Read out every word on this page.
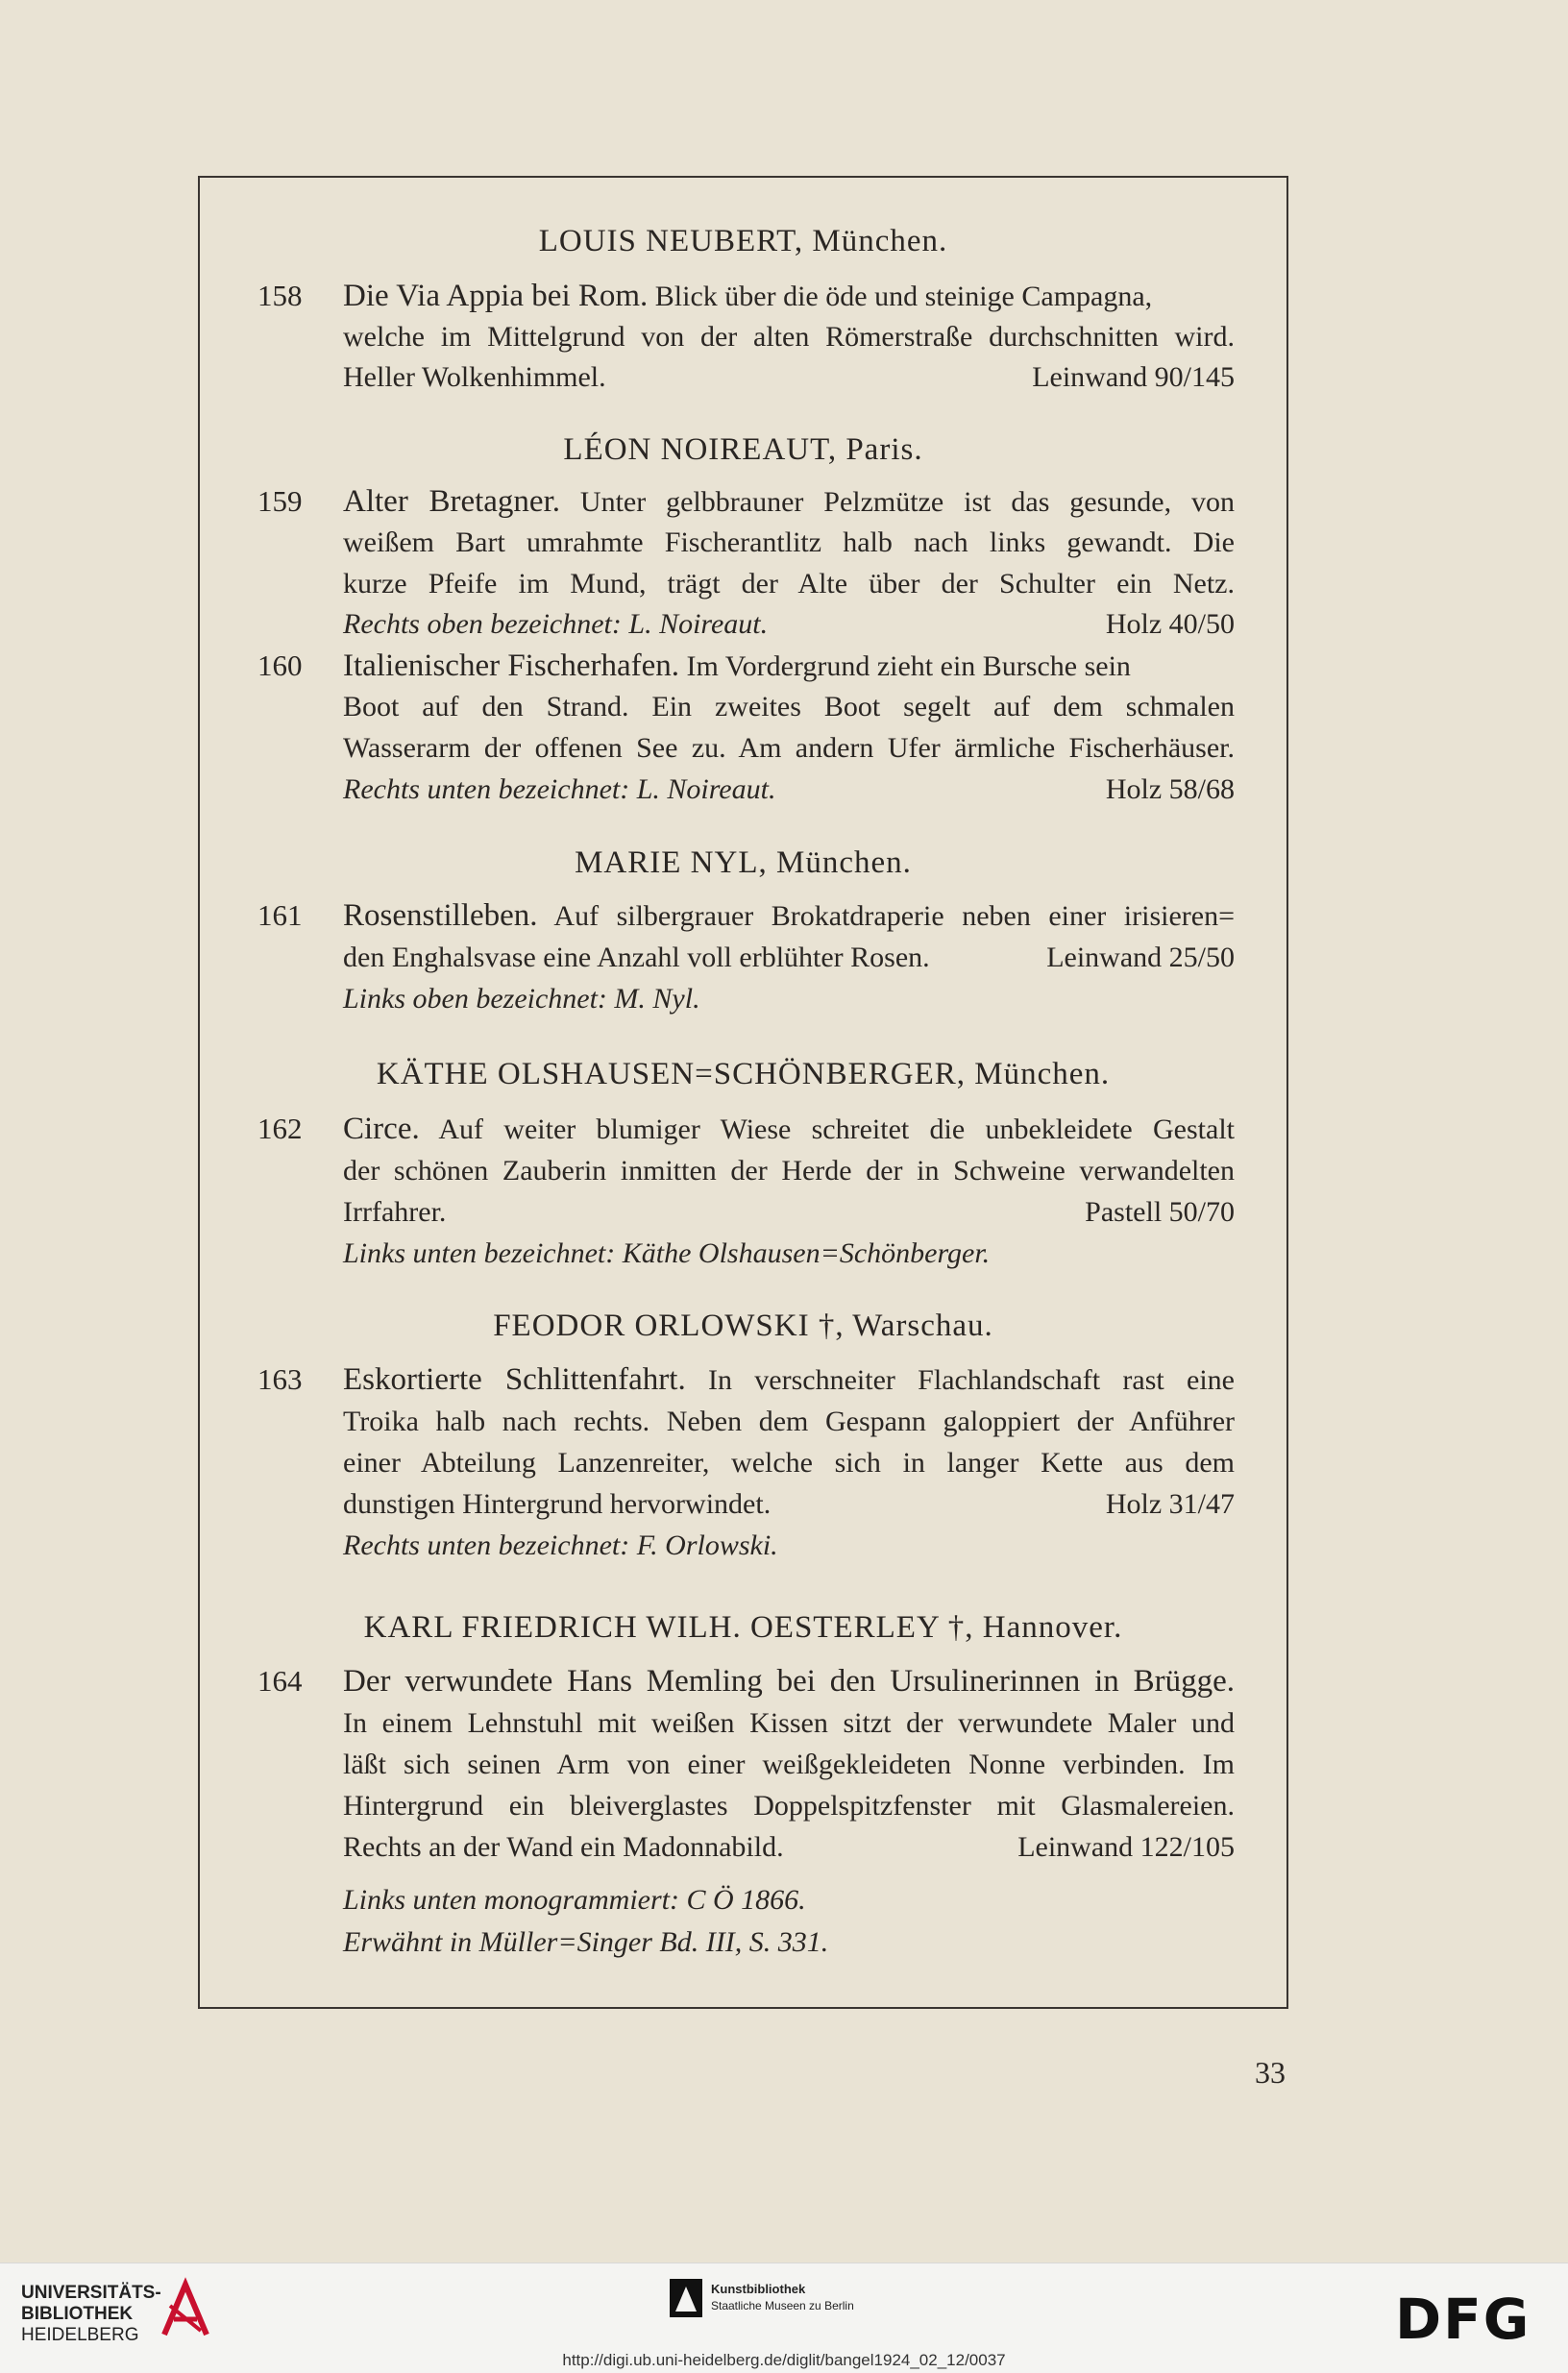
LOUIS NEUBERT, München.
158 Die Via Appia bei Rom. Blick über die öde und steinige Campagna,
welche im Mittelgrund von der alten Römerstraße durchschnitten wird.
Heller Wolkenhimmel.	Leinwand 90/145
LÉON NOIREAUT, Paris.
159 Alter Bretagner. Unter gelbbrauner Pelzmütze ist das gesunde, von
weißem Bart umrahmte Fischerantlitz halb nach links gewandt. Die
kurze Pfeife im Mund, trägt der Alte über der Schulter ein Netz.
Rechts oben bezeichnet: L. Noireaut.	Holz 40/50
160 Italienischer Fischerhafen. Im Vordergrund zieht ein Bursche sein
Boot auf den Strand. Ein zweites Boot segelt auf dem schmalen
Wasserarm der offenen See zu. Am andern Ufer ärmliche Fischerhäuser.
Rechts unten bezeichnet: L. Noireaut.	Holz 58/68
MARIE NYL, München.
161 Rosenstilleben. Auf silbergrauer Brokatdraperie neben einer irisieren=
den Enghalsvase eine Anzahl voll erblühter Rosen.	Leinwand 25/50
Links oben bezeichnet: M. Nyl.
KÄTHE OLSHAUSEN=SCHÖNBERGER, München.
162 Circe. Auf weiter blumiger Wiese schreitet die unbekleidete Gestalt
der schönen Zauberin inmitten der Herde der in Schweine verwandelten
Irrfahrer.	Pastell 50/70
Links unten bezeichnet: Käthe Olshausen=Schönberger.
FEODOR ORLOWSKI †, Warschau.
163 Eskortierte Schlittenfahrt. In verschneiter Flachlandschaft rast eine
Troika halb nach rechts. Neben dem Gespann galoppiert der Anführer
einer Abteilung Lanzenreiter, welche sich in langer Kette aus dem
dunstigen Hintergrund hervorwindet.	Holz 31/47
Rechts unten bezeichnet: F. Orlowski.
KARL FRIEDRICH WILH. OESTERLEY †, Hannover.
164 Der verwundete Hans Memling bei den Ursulinerinnen in Brügge.
In einem Lehnstuhl mit weißen Kissen sitzt der verwundete Maler und
läßt sich seinen Arm von einer weißgekleideten Nonne verbinden. Im
Hintergrund ein bleiverglastes Doppelspitzfenster mit Glasmalereien.
Rechts an der Wand ein Madonnabild.	Leinwand 122/105
Links unten monogrammiert: C Ö 1866.
Erwähnt in Müller=Singer Bd. III, S. 331.
33
UNIVERSITÄTS-
BIBLIOTHEK
HEIDELBERG
Kunstbibliothek
Staatliche Museen zu Berlin	DFG
http://digi.ub.uni-heidelberg.de/diglit/bangel1924_02_12/0037
